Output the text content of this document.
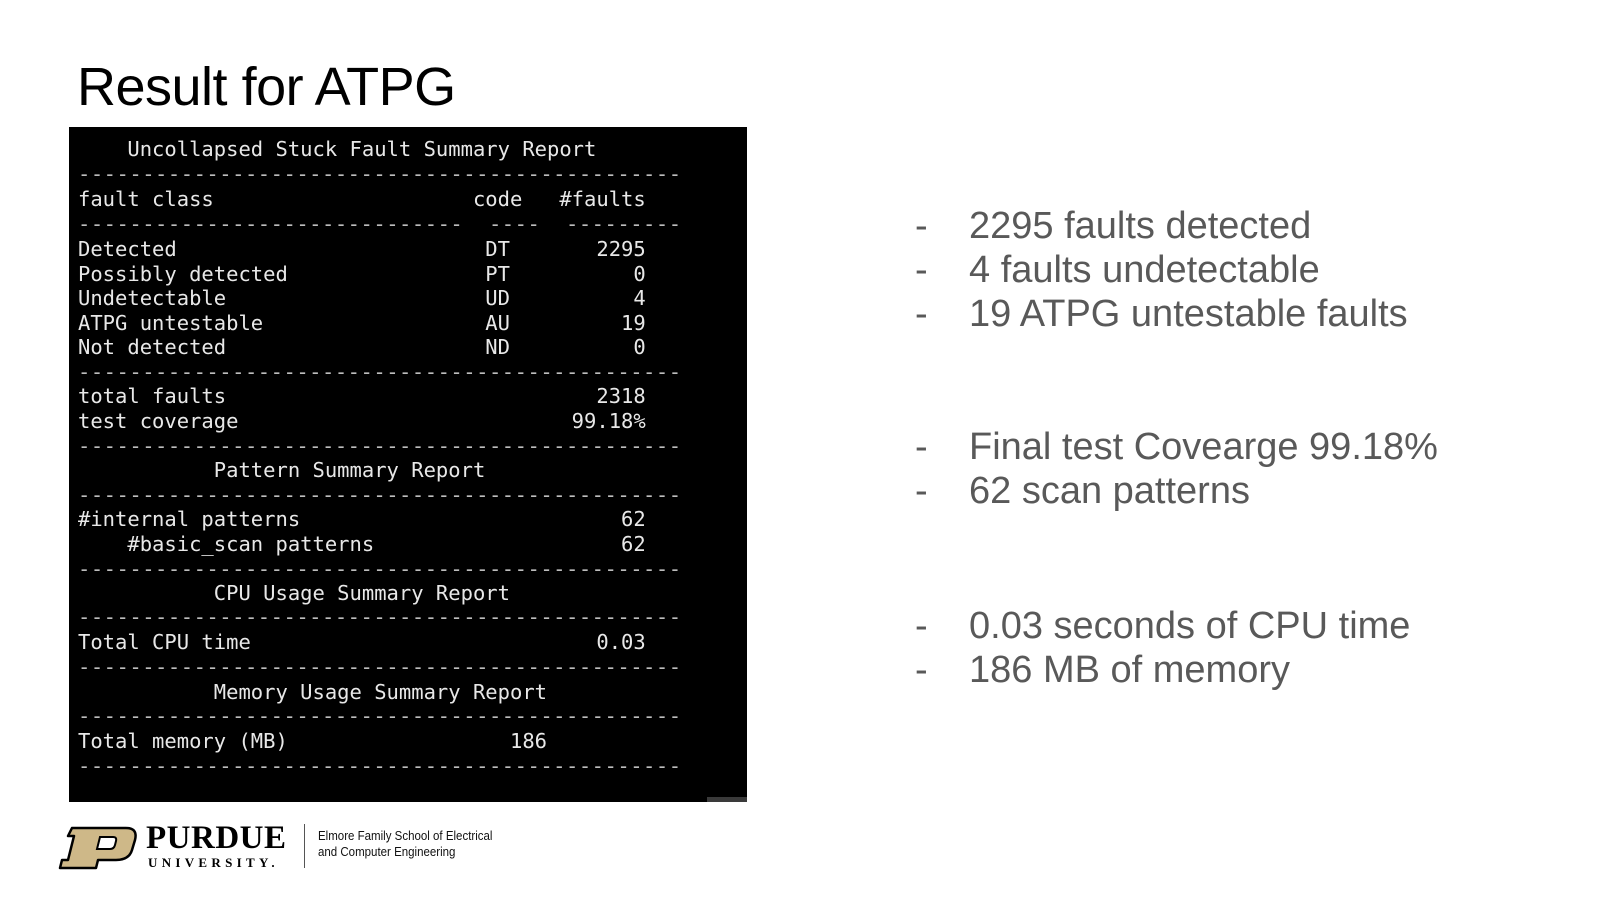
Result for ATPG
Uncollapsed Stuck Fault Summary Report
-----------------------------------------------
fault class                     code   #faults
------------------------------  ----  ---------
Detected                         DT       2295
Possibly detected                PT          0
Undetectable                     UD          4
ATPG untestable                  AU         19
Not detected                     ND          0
-----------------------------------------------
total faults                              2318
test coverage                           99.18%
-----------------------------------------------
Pattern Summary Report
-----------------------------------------------
#internal patterns                          62
#basic_scan patterns                    62
-----------------------------------------------
CPU Usage Summary Report
-----------------------------------------------
Total CPU time                            0.03
-----------------------------------------------
Memory Usage Summary Report
-----------------------------------------------
Total memory (MB)                  186
-----------------------------------------------
- 2295 faults detected
- 4 faults undetectable
- 19 ATPG untestable faults
- Final test Covearge 99.18%
- 62 scan patterns
- 0.03 seconds of CPU time
- 186 MB of memory
PURDUE
UNIVERSITY.
Elmore Family School of Electrical
and Computer Engineering
